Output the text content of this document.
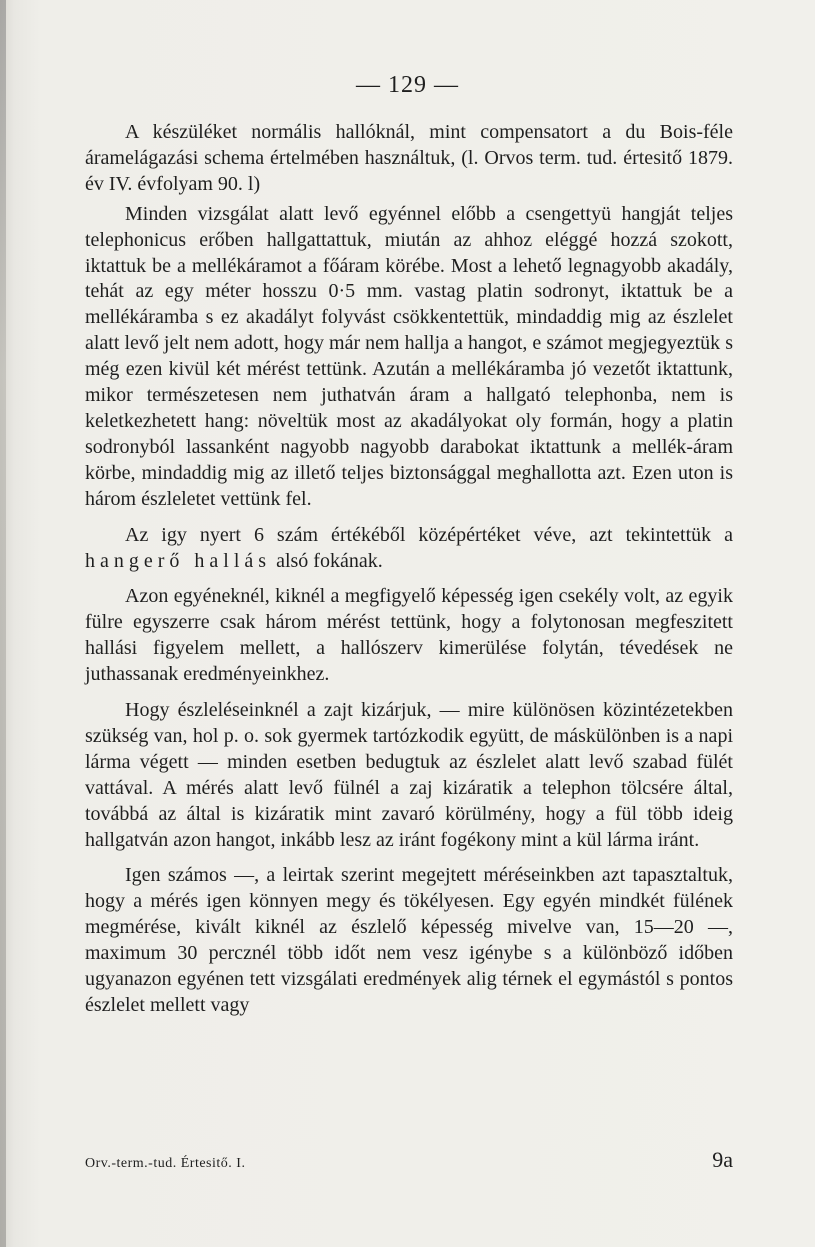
— 129 —

A készüléket normális hallóknál, mint compensatort a du Bois-féle áramelágazási schema értelmében használtuk, (l. Orvos term. tud. értesitő 1879. év IV. évfolyam 90. l)

Minden vizsgálat alatt levő egyénnel előbb a csengettyü hangját teljes telephonicus erőben hallgattattuk, miután az ahhoz eléggé hozzá szokott, iktattuk be a mellékáramot a főáram körébe. Most a lehető legnagyobb akadály, tehát az egy méter hosszu 0·5 mm. vastag platin sodronyt, iktattuk be a mellékáramba s ez akadályt folyvást csökkentettük, mindaddig mig az észlelet alatt levő jelt nem adott, hogy már nem hallja a hangot, e számot megjegyeztük s még ezen kivül két mérést tettünk. Azután a mellékáramba jó vezetőt iktattunk, mikor természetesen nem juthatván áram a hallgató telephonba, nem is keletkezhetett hang: növeltük most az akadályokat oly formán, hogy a platin sodronyból lassanként nagyobb nagyobb darabokat iktattunk a mellék-áram körbe, mindaddig mig az illető teljes biztonsággal meghallotta azt. Ezen uton is három észleletet vettünk fel.

Az igy nyert 6 szám értékéből középértéket véve, azt tekintettük a hangerő hallás alsó fokának.

Azon egyéneknél, kiknél a megfigyelő képesség igen csekély volt, az egyik fülre egyszerre csak három mérést tettünk, hogy a folytonosan megfeszitett hallási figyelem mellett, a hallószerv kimerülése folytán, tévedések ne juthassanak eredményeinkhez.

Hogy észleléseinknél a zajt kizárjuk, — mire különösen közintézetekben szükség van, hol p. o. sok gyermek tartózkodik együtt, de máskülönben is a napi lárma végett — minden esetben bedugtuk az észlelet alatt levő szabad fülét vattával. A mérés alatt levő fülnél a zaj kizáratik a telephon tölcsére által, továbbá az által is kizáratik mint zavaró körülmény, hogy a fül több ideig hallgatván azon hangot, inkább lesz az iránt fogékony mint a kül lárma iránt.

Igen számos —, a leirtak szerint megejtett méréseinkben azt tapasztaltuk, hogy a mérés igen könnyen megy és tökélyesen. Egy egyén mindkét fülének megmérése, kivált kiknél az észlelő képesség mivelve van, 15—20 —, maximum 30 percznél több időt nem vesz igénybe s a különböző időben ugyanazon egyénen tett vizsgálati eredmények alig térnek el egymástól s pontos észlelet mellett vagy

Orv.-term.-tud. Értesitő. I.	9a
